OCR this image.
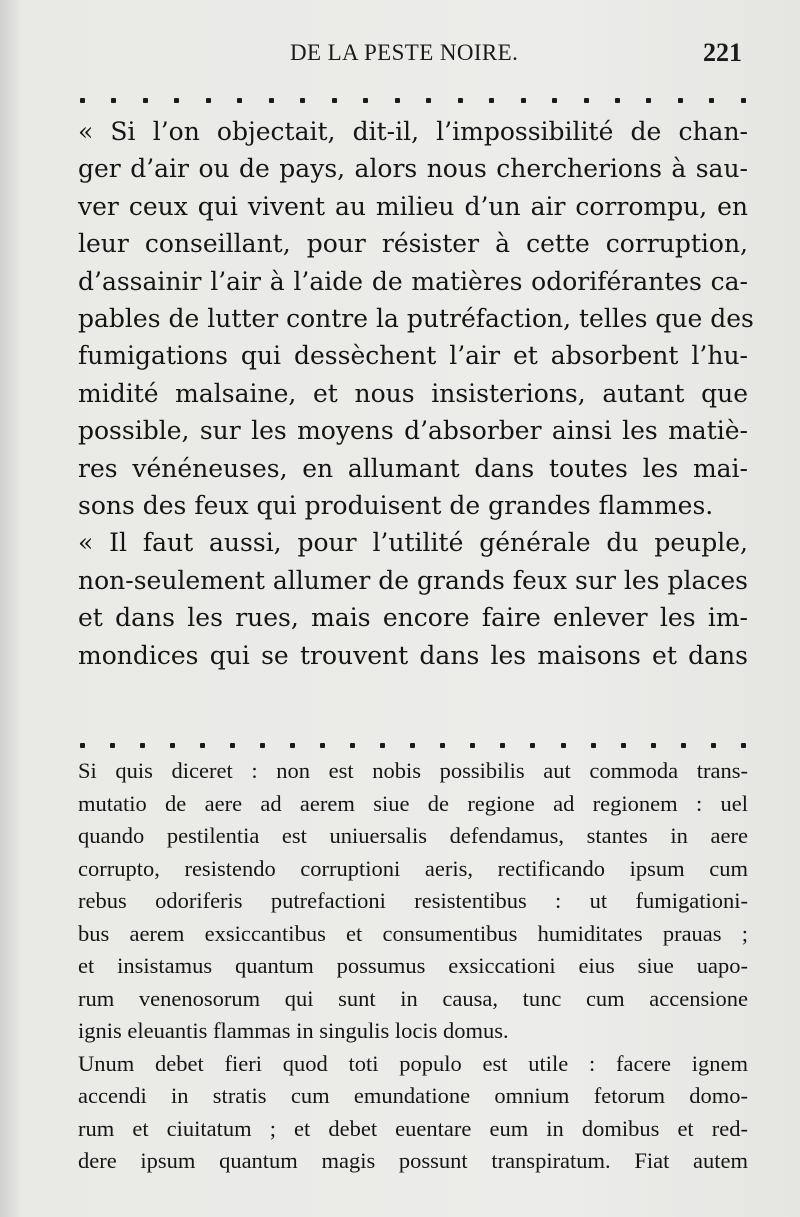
DE LA PESTE NOIRE.	221
« Si l’on objectait, dit-il, l’impossibilité de chan-
ger d’air ou de pays, alors nous chercherions à sau-
ver ceux qui vivent au milieu d’un air corrompu, en
leur conseillant, pour résister à cette corruption,
d’assainir l’air à l’aide de matières odoriférantes ca-
pables de lutter contre la putréfaction, telles que des
fumigations qui dessèchent l’air et absorbent l’hu-
midité malsaine, et nous insisterions, autant que
possible, sur les moyens d’absorber ainsi les matiè-
res vénéneuses, en allumant dans toutes les mai-
sons des feux qui produisent de grandes flammes.
« Il faut aussi, pour l’utilité générale du peuple,
non-seulement allumer de grands feux sur les places
et dans les rues, mais encore faire enlever les im-
mondices qui se trouvent dans les maisons et dans
Si quis diceret : non est nobis possibilis aut commoda trans-
mutatio de aere ad aerem siue de regione ad regionem : uel
quando pestilentia est uniuersalis defendamus, stantes in aere
corrupto, resistendo corruptioni aeris, rectificando ipsum cum
rebus odoriferis putrefactioni resistentibus : ut fumigationi-
bus aerem exsiccantibus et consumentibus humiditates prauas ;
et insistamus quantum possumus exsiccationi eius siue uapo-
rum venenosorum qui sunt in causa, tunc cum accensione
ignis eleuantis flammas in singulis locis domus.
Unum debet fieri quod toti populo est utile : facere ignem
accendi in stratis cum emundatione omnium fetorum domo-
rum et ciuitatum ; et debet euentare eum in domibus et red-
dere ipsum quantum magis possunt transpiratum. Fiat autem
